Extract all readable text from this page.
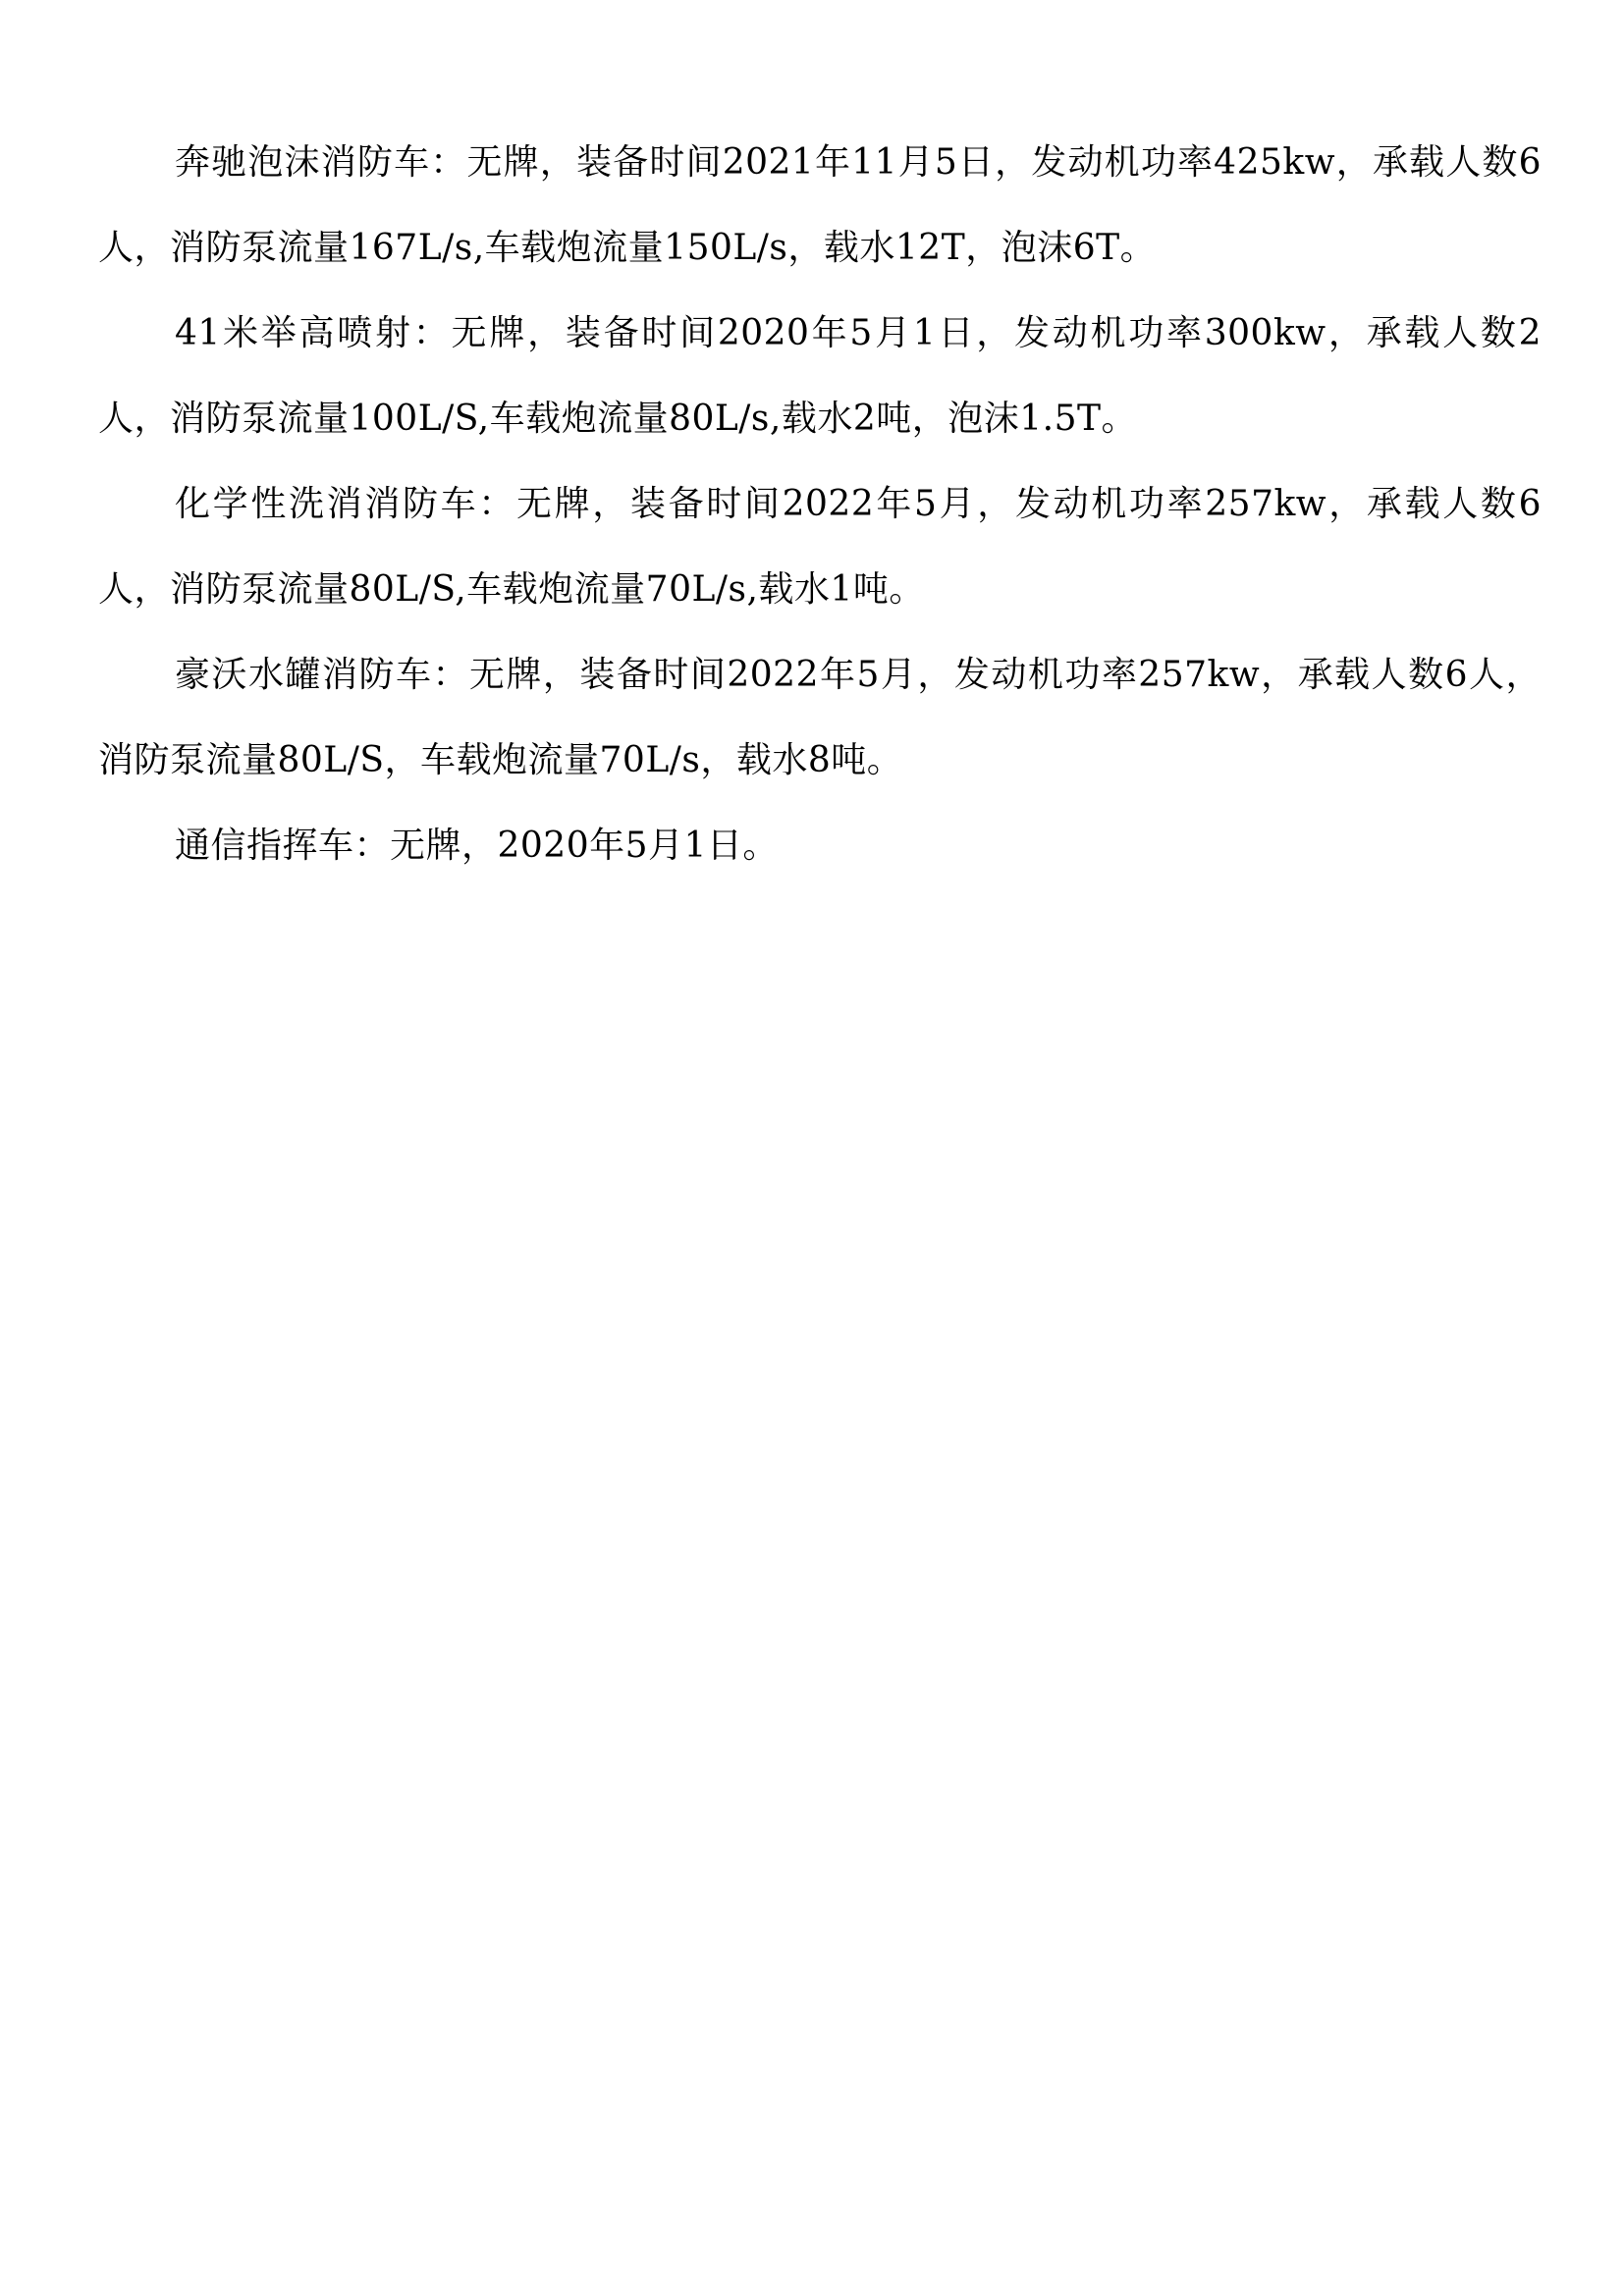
奔驰泡沫消防车：无牌，装备时间2021年11月5日，发动机功率425kw，承载人数6人，消防泵流量167L/s,车载炮流量150L/s，载水12T，泡沫6T。

41米举高喷射：无牌，装备时间2020年5月1日，发动机功率300kw，承载人数2人，消防泵流量100L/S,车载炮流量80L/s,载水2吨，泡沫1.5T。

化学性洗消消防车：无牌，装备时间2022年5月，发动机功率257kw，承载人数6人，消防泵流量80L/S,车载炮流量70L/s,载水1吨。

豪沃水罐消防车：无牌，装备时间2022年5月，发动机功率257kw，承载人数6人，消防泵流量80L/S，车载炮流量70L/s，载水8吨。

通信指挥车：无牌，2020年5月1日。
